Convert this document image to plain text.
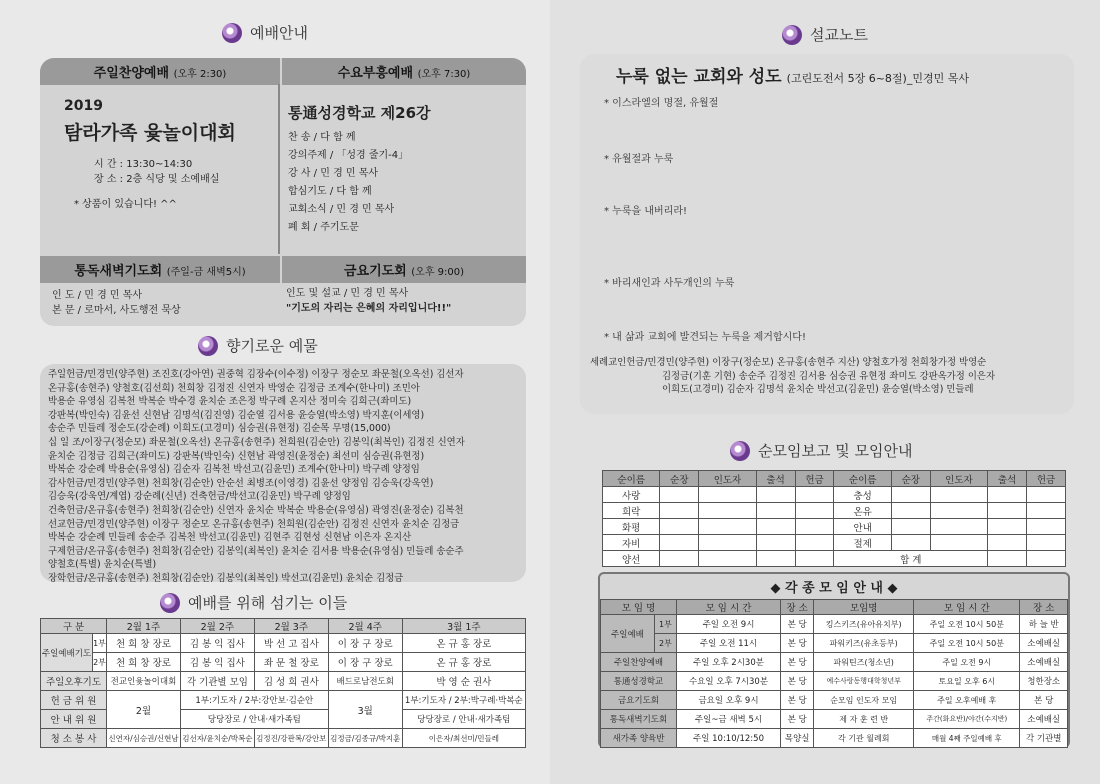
예배안내
주일찬양예배 (오후 2:30)	수요부흥예배 (오후 7:30)
2019
탐라가족 윷놀이대회
시 간 : 13:30~14:30
장 소 : 2층 식당 및 소예배실
* 상품이 있습니다! ^^
통通성경학교 제26강
찬 송 / 다 함 께
강의주제 / 「성경 줄기-4」
강 사 / 민 경 민 목사
합심기도 / 다 함 께
교회소식 / 민 경 민 목사
폐 회 / 주기도문
통독새벽기도회 (주일-금 새벽5시)	금요기도회 (오후 9:00)
인 도 / 민 경 민 목사
본 문 / 로마서, 사도행전 묵상
인도 및 설교 / 민 경 민 목사
"기도의 자리는 은혜의 자리입니다!!"
향기로운 예물

주일헌금/민경민(양주현) 조진호(강아연) 권중혁 김장수(이수정) 이장구 정순모 좌문철(오옥선) 김선자

온규홍(송현주) 양철호(김선희) 천희창 김정진 신연자 박영순 김정금 조계수(한나미) 조민아

박용순 유영심 김복천 박복순 박수경 윤치순 조은정 박구례 온지산 정미숙 김희근(좌미도)

강판복(박인숙) 김윤선 신현남 김명석(김진영) 김순열 김서용 윤승열(박소영) 박지훈(이세영)

송순주 민들레 정순도(강순례) 이희도(고경미) 심승권(유현정) 김순목 무명(15,000)

십 일 조/이장구(정순모) 좌문철(오옥선) 온규홍(송현주) 천희원(김순안) 김봉익(최복인) 김정진 신연자

윤치순 김정금 김희근(좌미도) 강판복(박인숙) 신현남 곽영진(윤정순) 최선미 심승권(유현정)

박복순 강순례 박용순(유영심) 김순자 김복천 박선고(김윤민) 조계수(한나미) 박구례 양정임

감사헌금/민경민(양주현) 천희창(김순안) 안순선 최병조(이영경) 김윤선 양정임 김승욱(강욱연)

김승욱(강욱연/계엽) 강순례(신년) 건축헌금/박선고(김윤민) 박구례 양정임

건축헌금/온규홍(송현주) 천희창(김순안) 신연자 윤치순 박복순 박용순(유영심) 곽영진(윤정순) 김복천

선교헌금/민경민(양주현) 이장구 정순모 온규홍(송현주) 천희원(김순안) 김정진 신연자 윤치순 김정금

박복순 강순례 민들레 송순주 김복천 박선고(김윤민) 김현주 김현성 신현남 이은자 온지산

구제헌금/온규홍(송현주) 천희창(김순안) 김봉익(최복인) 윤치순 김서용 박용순(유영심) 민들레 송순주

양철호(특별) 윤치순(특별)

장학헌금/온규홍(송현주) 천희창(김순안) 김봉익(최복인) 박선고(김윤민) 윤치순 김정금

예배를 위해 섬기는 이들
구 분		2월 1주	2월 2주	2월 3주	2월 4주	3월 1주
주일예배기도	1부	천 희 창 장로	김 봉 익 집사	박 선 고 집사	이 장 구 장로	온 규 홍 장로
	2부	천 희 창 장로	김 봉 익 집사	좌 문 철 장로	이 장 구 장로	온 규 홍 장로
주일오후기도		전교인윷놀이대회	각 기관별 모임	김 성 희 권사	배드로남전도회	박 영 순 권사
헌 금 위 원		2월	1부:기도자 / 2부:강안보·김순안		3월	1부:기도자 / 2부:박구례·박복순
안 내 위 원			당당장로 / 안내·새가족팀			당당장로 / 안내·새가족팀
청 소 봉 사		신연자/심승권/신현남	김선자/윤치순/박복순	김정진/강판복/강안보	김정금/김종규/박지훈	이은자/최선미/민들레
설교노트
누룩 없는 교회와 성도 (고린도전서 5장 6~8절)_민경민 목사
* 이스라엘의 명절, 유월절
* 유월절과 누룩
* 누룩을 내버리라!
* 바리새인과 사두개인의 누룩
* 내 삶과 교회에 발견되는 누룩을 제거합시다!

세례교인헌금/민경민(양주현) 이장구(정순모) 온규홍(송현주 지산) 양철호가정 천희창가정 박영순

김정금(기훈 기현) 송순주 김정진 김서용 심승권 유현정 좌미도 강판옥가정 이은자

이희도(고경미) 김순자 김명석 윤치순 박선고(김윤민) 윤승열(박소영) 민들레

순모임보고 및 모임안내
순이름	순장	인도자	출석	헌금	순이름	순장	인도자	출석	헌금
사랑					충성				
희락					온유				
화평					안내				
자비					절제				
양선					합 계				
◆ 각 종 모 임 안 내 ◆
모 임 명		모 임 시 간	장 소	모임명	모 임 시 간	장 소
주일예배	1부	주일 오전 9시	본 당	킹스키즈(유아유치부)	주일 오전 10시 50분	하 늘 반
	2부	주일 오전 11시	본 당	파워키즈(유초등부)	주일 오전 10시 50분	소예배실
주일찬양예배		주일 오후 2시30분	본 당	파워틴즈(청소년)	주일 오전 9시	소예배실
통通성경학교		수요일 오후 7시30분	본 당	예수사랑동행대학청년부	토요일 오후 6시	청한장소
금요기도회		금요일 오후 9시	본 당	순모임 인도자 모임	주일 오후예배 후	본 당
통독새벽기도회		주일~금 새벽 5시	본 당	제 자 훈 련 반	주간(화요반)/야간(수지반)	소예배실
새가족 양육반		주일 10:10/12:50	목양실	각 기관 월례회	매월 4째 주일예배 후	각 기관별
